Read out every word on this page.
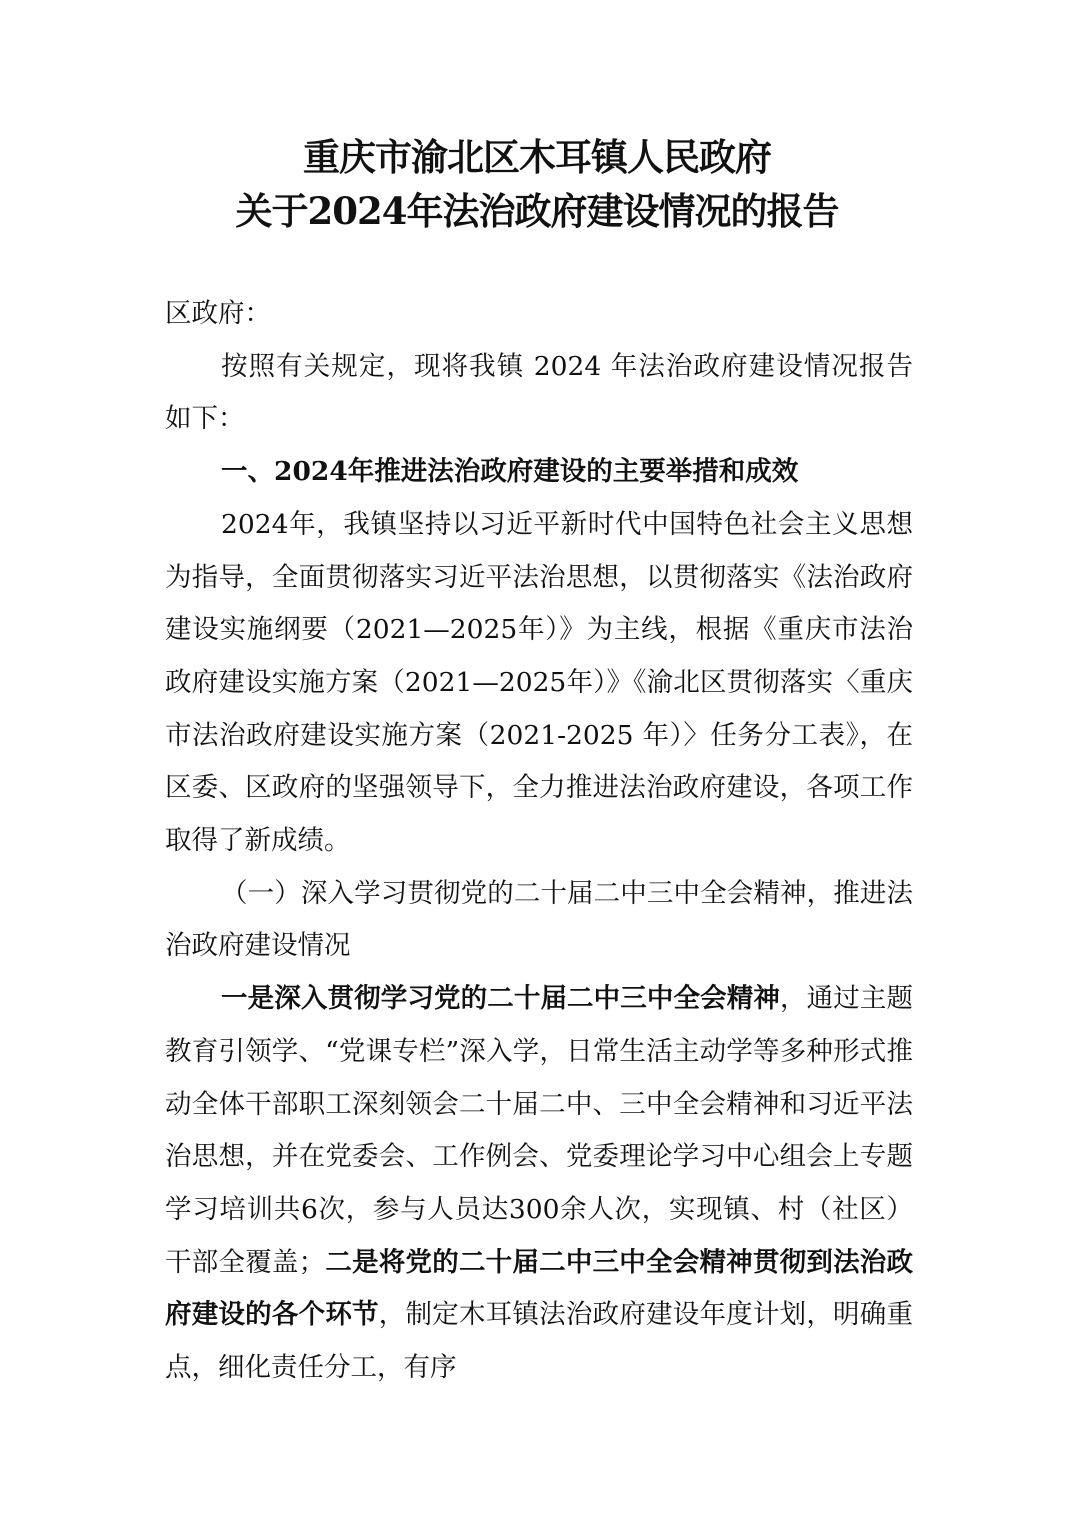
重庆市渝北区木耳镇人民政府
关于2024年法治政府建设情况的报告

区政府：

按照有关规定，现将我镇 2024 年法治政府建设情况报告如下：

一、2024年推进法治政府建设的主要举措和成效

2024年，我镇坚持以习近平新时代中国特色社会主义思想为指导，全面贯彻落实习近平法治思想，以贯彻落实《法治政府建设实施纲要（2021—2025年）》为主线，根据《重庆市法治政府建设实施方案（2021—2025年）》《渝北区贯彻落实〈重庆市法治政府建设实施方案（2021-2025 年）〉任务分工表》，在区委、区政府的坚强领导下，全力推进法治政府建设，各项工作取得了新成绩。

（一）深入学习贯彻党的二十届二中三中全会精神，推进法治政府建设情况

一是深入贯彻学习党的二十届二中三中全会精神，通过主题教育引领学、“党课专栏”深入学，日常生活主动学等多种形式推动全体干部职工深刻领会二十届二中、三中全会精神和习近平法治思想，并在党委会、工作例会、党委理论学习中心组会上专题学习培训共6次，参与人员达300余人次，实现镇、村（社区）干部全覆盖；二是将党的二十届二中三中全会精神贯彻到法治政府建设的各个环节，制定木耳镇法治政府建设年度计划，明确重点，细化责任分工，有序
